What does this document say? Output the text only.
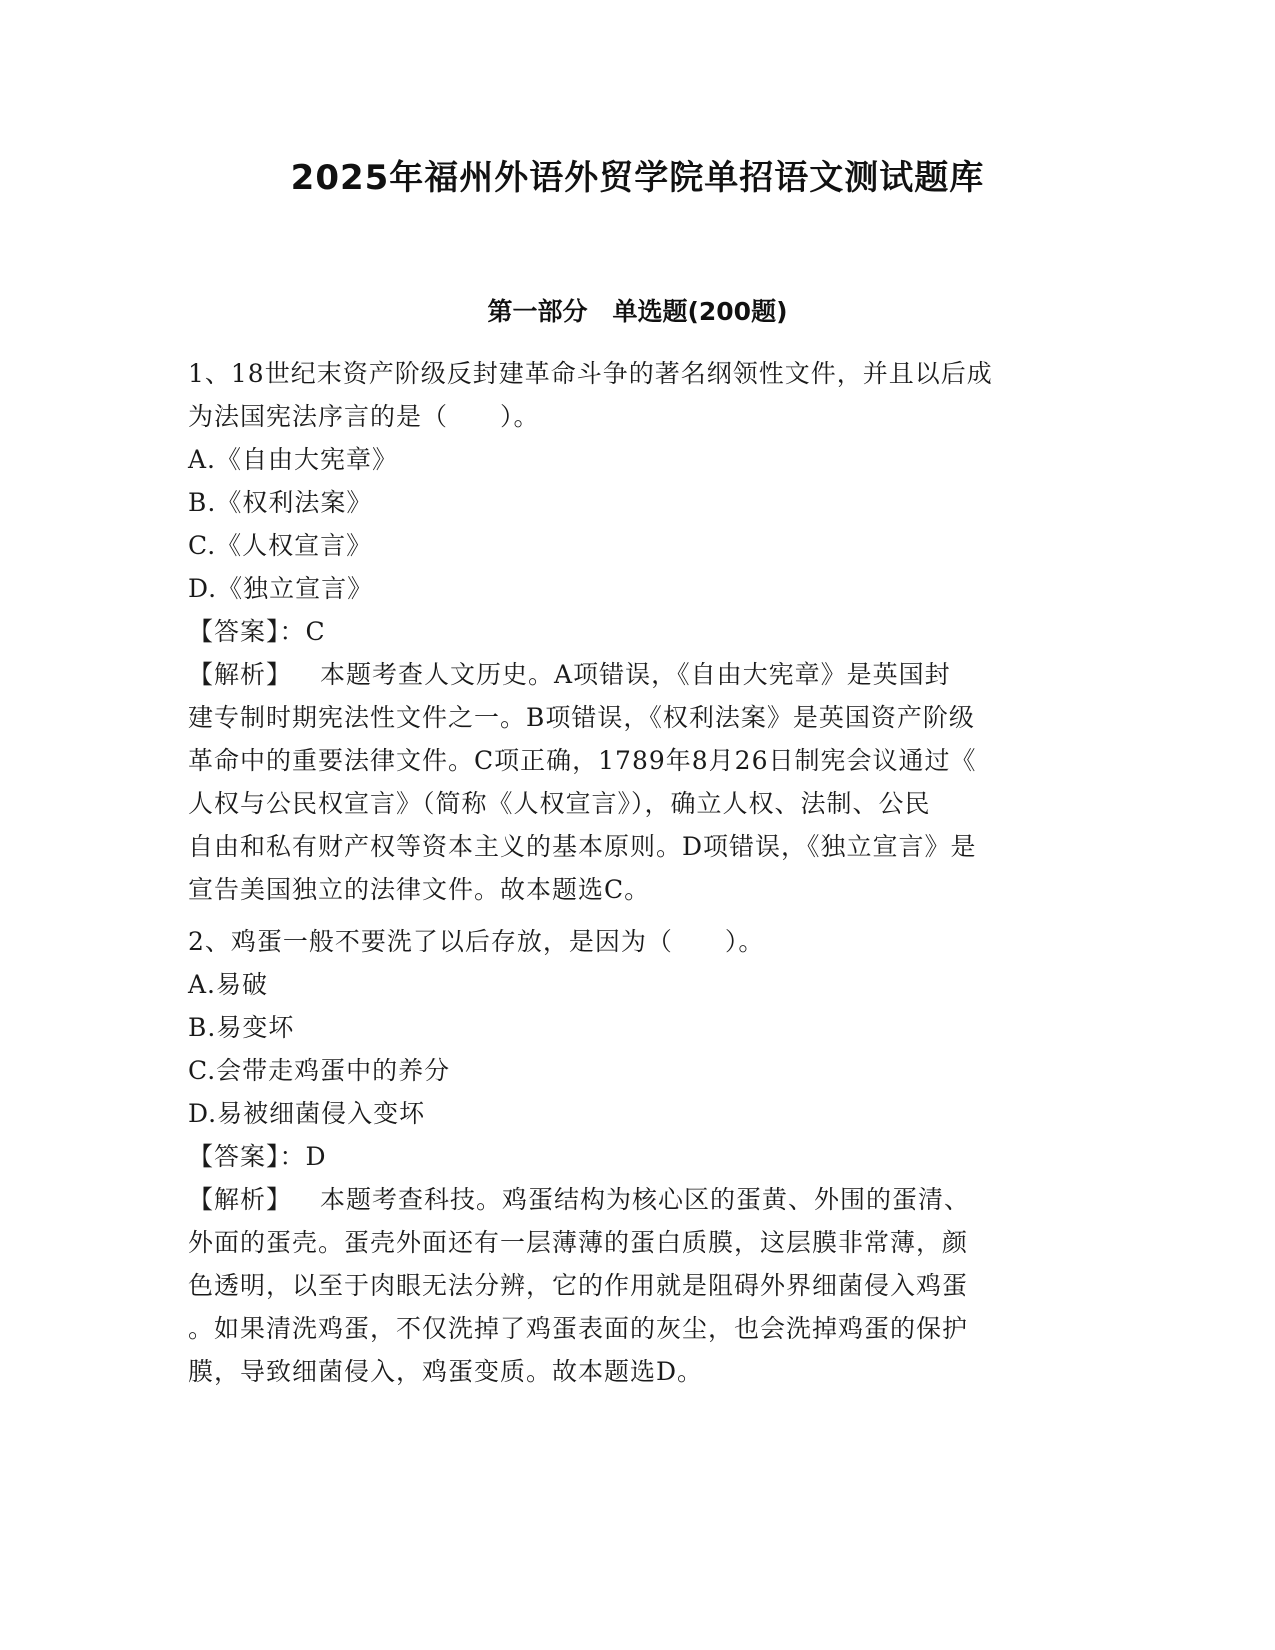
2025年福州外语外贸学院单招语文测试题库
第一部分　单选题(200题)
1、18世纪末资产阶级反封建革命斗争的著名纲领性文件，并且以后成
为法国宪法序言的是（　　）。
A.《自由大宪章》
B.《权利法案》
C.《人权宣言》
D.《独立宣言》
【答案】：C
【解析】 本题考查人文历史。A项错误，《自由大宪章》是英国封
建专制时期宪法性文件之一。B项错误，《权利法案》是英国资产阶级
革命中的重要法律文件。C项正确，1789年8月26日制宪会议通过《
人权与公民权宣言》（简称《人权宣言》），确立人权、法制、公民
自由和私有财产权等资本主义的基本原则。D项错误，《独立宣言》是
宣告美国独立的法律文件。故本题选C。
2、鸡蛋一般不要洗了以后存放，是因为（　　）。
A.易破
B.易变坏
C.会带走鸡蛋中的养分
D.易被细菌侵入变坏
【答案】：D
【解析】 本题考查科技。鸡蛋结构为核心区的蛋黄、外围的蛋清、
外面的蛋壳。蛋壳外面还有一层薄薄的蛋白质膜，这层膜非常薄，颜
色透明，以至于肉眼无法分辨，它的作用就是阻碍外界细菌侵入鸡蛋
。如果清洗鸡蛋，不仅洗掉了鸡蛋表面的灰尘，也会洗掉鸡蛋的保护
膜，导致细菌侵入，鸡蛋变质。故本题选D。
